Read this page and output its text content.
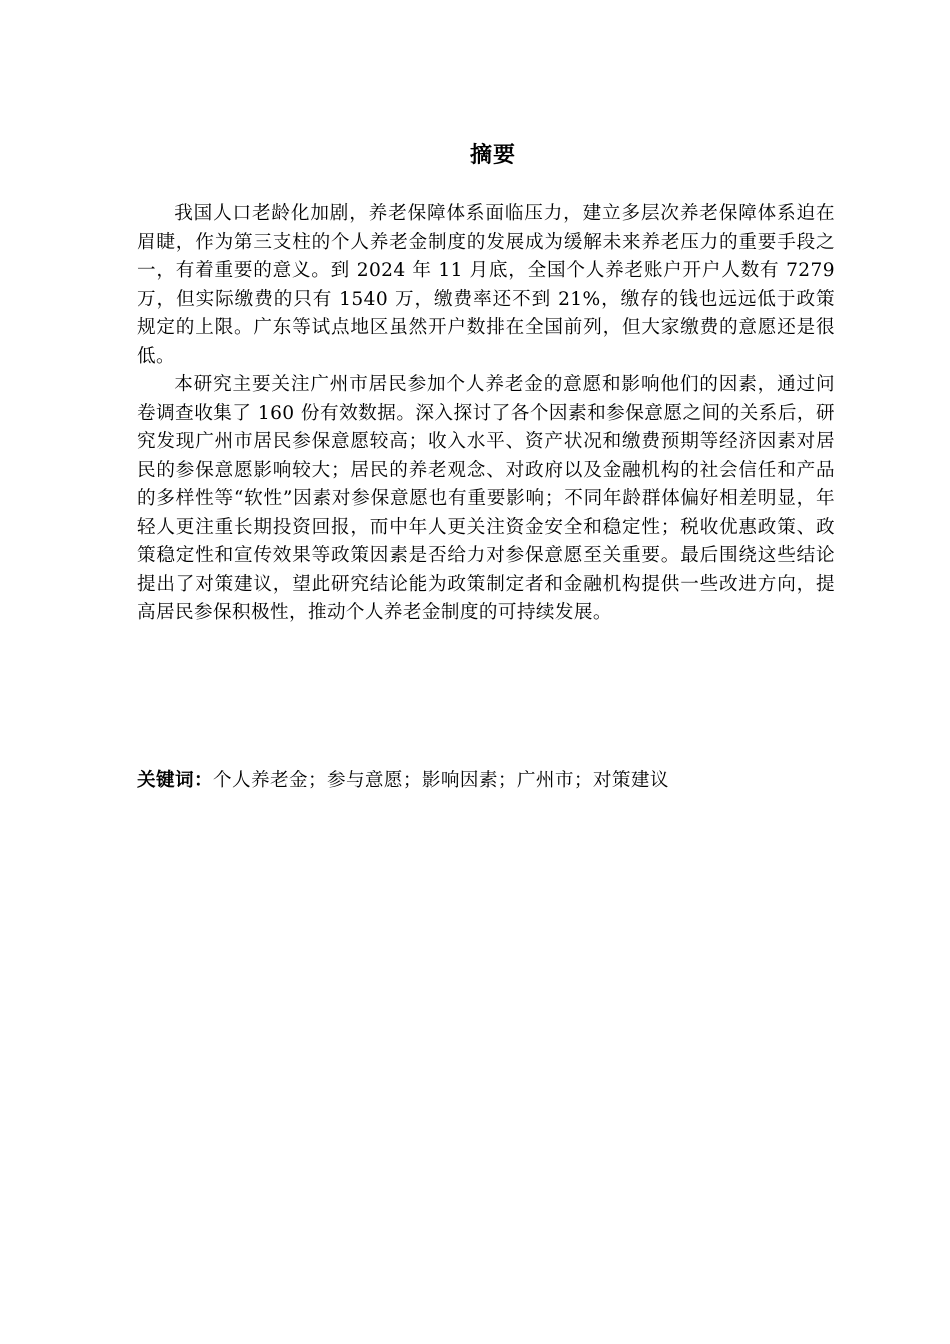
摘要

我国人口老龄化加剧，养老保障体系面临压力，建立多层次养老保障体系迫在眉睫，作为第三支柱的个人养老金制度的发展成为缓解未来养老压力的重要手段之一，有着重要的意义。到 2024 年 11 月底，全国个人养老账户开户人数有 7279 万，但实际缴费的只有 1540 万，缴费率还不到 21%，缴存的钱也远远低于政策规定的上限。广东等试点地区虽然开户数排在全国前列，但大家缴费的意愿还是很低。

本研究主要关注广州市居民参加个人养老金的意愿和影响他们的因素，通过问卷调查收集了 160 份有效数据。深入探讨了各个因素和参保意愿之间的关系后，研究发现广州市居民参保意愿较高；收入水平、资产状况和缴费预期等经济因素对居民的参保意愿影响较大；居民的养老观念、对政府以及金融机构的社会信任和产品的多样性等“软性”因素对参保意愿也有重要影响；不同年龄群体偏好相差明显，年轻人更注重长期投资回报，而中年人更关注资金安全和稳定性；税收优惠政策、政策稳定性和宣传效果等政策因素是否给力对参保意愿至关重要。最后围绕这些结论提出了对策建议，望此研究结论能为政策制定者和金融机构提供一些改进方向，提高居民参保积极性，推动个人养老金制度的可持续发展。

关键词：个人养老金；参与意愿；影响因素；广州市；对策建议
